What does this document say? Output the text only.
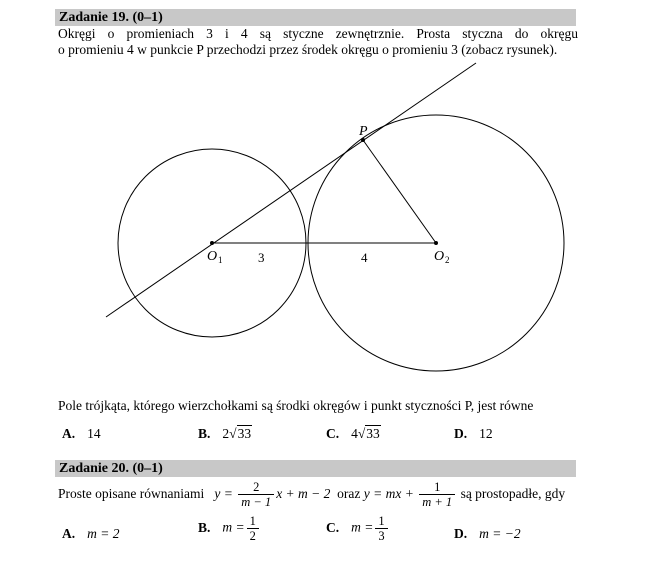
Zadanie 19. (0–1)
Okręgi o promieniach 3 i 4 są styczne zewnętrznie. Prosta styczna do okręgu
o promieniu 4 w punkcie P przechodzi przez środek okręgu o promieniu 3 (zobacz rysunek).
P
O 1	O 2
3	4
Pole trójkąta, którego wierzchołkami są środki okręgów i punkt styczności P, jest równe
A. 14	B. 2√33	C. 4√33	D. 12
Zadanie 20. (0–1)
Proste opisane równaniami $y = \frac{2}{m - 1}$ x + m − 2 oraz y = mx + $\frac{1}{m + 1}$ są prostopadłe, gdy
A. m = 2	B. $m = \frac{1}{2}$	C. $m = \frac{1}{3}$	D. m = −2
